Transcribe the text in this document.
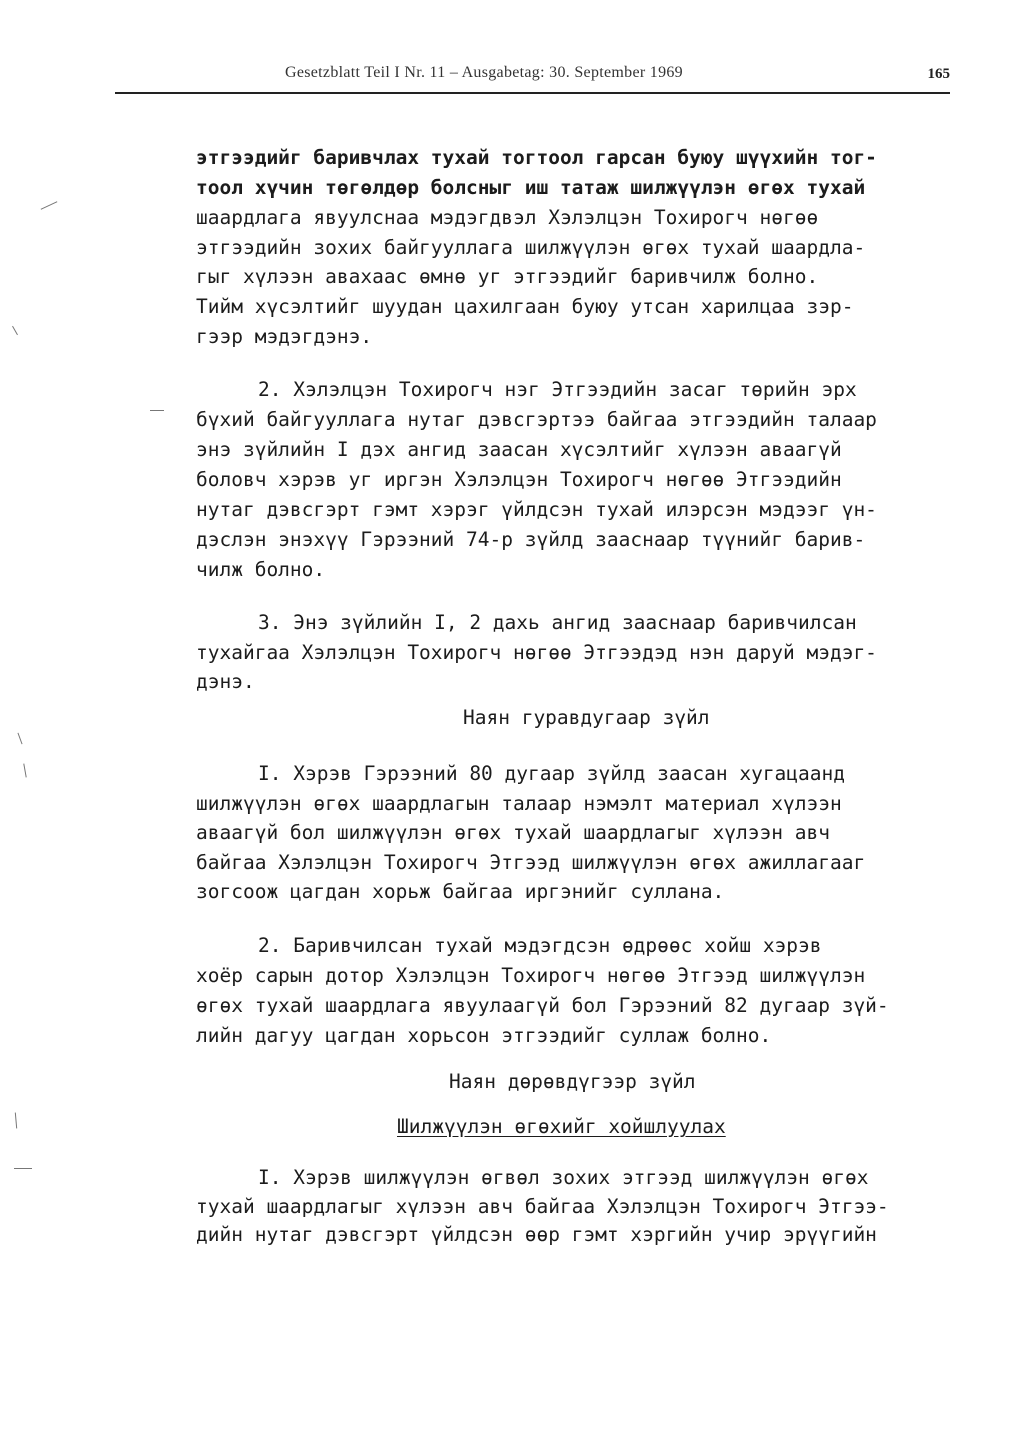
Gesetzblatt Teil I Nr. 11 – Ausgabetag: 30. September 1969	165
этгээдийг баривчлах тухай тогтоол гарсан буюу шүүхийн тог-
тоол хүчин төгөлдөр болсныг иш татаж шилжүүлэн өгөх тухай
шаардлага явуулснаа мэдэгдвэл Хэлэлцэн Тохирогч нөгөө
этгээдийн зохих байгууллага шилжүүлэн өгөх тухай шаардла-
гыг хүлээн авахаас өмнө уг этгээдийг баривчилж болно.
Тийм хүсэлтийг шуудан цахилгаан буюу утсан харилцаа зэр-
гээр мэдэгдэнэ.
2. Хэлэлцэн Тохирогч нэг Этгээдийн засаг төрийн эрх
бүхий байгууллага нутаг дэвсгэртээ байгаа этгээдийн талаар
энэ зүйлийн I дэх ангид заасан хүсэлтийг хүлээн аваагүй
боловч хэрэв уг иргэн Хэлэлцэн Тохирогч нөгөө Этгээдийн
нутаг дэвсгэрт гэмт хэрэг үйлдсэн тухай илэрсэн мэдээг үн-
дэслэн энэхүү Гэрээний 74-р зүйлд зааснаар түүнийг барив-
чилж болно.
3. Энэ зүйлийн I, 2 дахь ангид зааснаар баривчилсан
тухайгаа Хэлэлцэн Тохирогч нөгөө Этгээдэд нэн даруй мэдэг-
дэнэ.
Наян гуравдугаар зүйл
I. Хэрэв Гэрээний 80 дугаар зүйлд заасан хугацаанд
шилжүүлэн өгөх шаардлагын талаар нэмэлт материал хүлээн
аваагүй бол шилжүүлэн өгөх тухай шаардлагыг хүлээн авч
байгаа Хэлэлцэн Тохирогч Этгээд шилжүүлэн өгөх ажиллагааг
зогсоож цагдан хорьж байгаа иргэнийг суллана.
2. Баривчилсан тухай мэдэгдсэн өдрөөс хойш хэрэв
хоёр сарын дотор Хэлэлцэн Тохирогч нөгөө Этгээд шилжүүлэн
өгөх тухай шаардлага явуулаагүй бол Гэрээний 82 дугаар зүй-
лийн дагуу цагдан хорьсон этгээдийг суллаж болно.
Наян дөрөвдүгээр зүйл
Шилжүүлэн өгөхийг хойшлуулах
I. Хэрэв шилжүүлэн өгвөл зохих этгээд шилжүүлэн өгөх
тухай шаардлагыг хүлээн авч байгаа Хэлэлцэн Тохирогч Этгээ-
дийн нутаг дэвсгэрт үйлдсэн өөр гэмт хэргийн учир эрүүгийн
